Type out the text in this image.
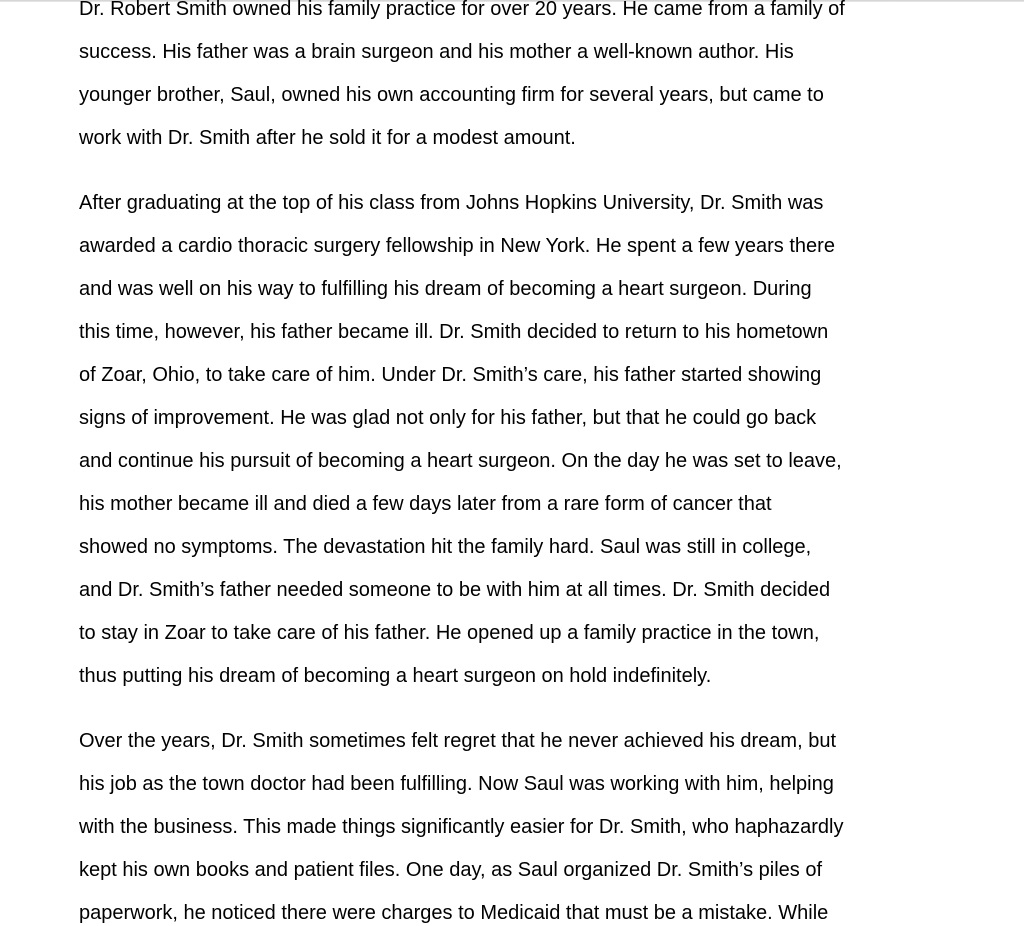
Dr. Robert Smith owned his family practice for over 20 years. He came from a family of
success. His father was a brain surgeon and his mother a well-known author. His
younger brother, Saul, owned his own accounting firm for several years, but came to
work with Dr. Smith after he sold it for a modest amount.

After graduating at the top of his class from Johns Hopkins University, Dr. Smith was
awarded a cardio thoracic surgery fellowship in New York. He spent a few years there
and was well on his way to fulfilling his dream of becoming a heart surgeon. During
this time, however, his father became ill. Dr. Smith decided to return to his hometown
of Zoar, Ohio, to take care of him. Under Dr. Smith’s care, his father started showing
signs of improvement. He was glad not only for his father, but that he could go back
and continue his pursuit of becoming a heart surgeon. On the day he was set to leave,
his mother became ill and died a few days later from a rare form of cancer that
showed no symptoms. The devastation hit the family hard. Saul was still in college,
and Dr. Smith’s father needed someone to be with him at all times. Dr. Smith decided
to stay in Zoar to take care of his father. He opened up a family practice in the town,
thus putting his dream of becoming a heart surgeon on hold indefinitely.

Over the years, Dr. Smith sometimes felt regret that he never achieved his dream, but
his job as the town doctor had been fulfilling. Now Saul was working with him, helping
with the business. This made things significantly easier for Dr. Smith, who haphazardly
kept his own books and patient files. One day, as Saul organized Dr. Smith’s piles of
paperwork, he noticed there were charges to Medicaid that must be a mistake. While
